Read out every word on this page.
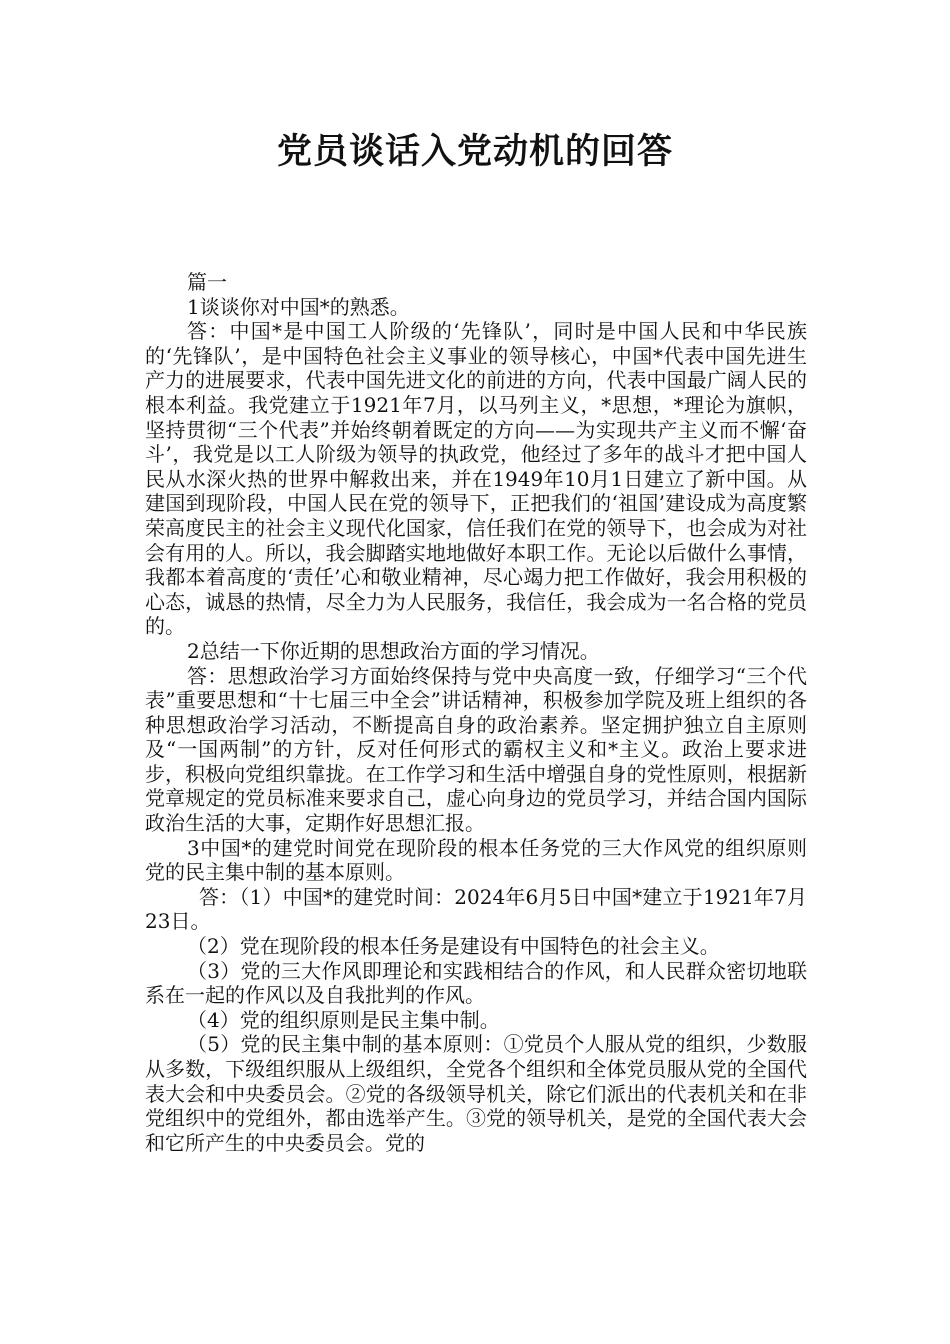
党员谈话入党动机的回答

篇一

1谈谈你对中国*的熟悉。

答：中国*是中国工人阶级的‘先锋队’，同时是中国人民和中华民族的‘先锋队’，是中国特色社会主义事业的领导核心，中国*代表中国先进生产力的进展要求，代表中国先进文化的前进的方向，代表中国最广阔人民的根本利益。我党建立于1921年7月，以马列主义，*思想，*理论为旗帜，坚持贯彻“三个代表”并始终朝着既定的方向——为实现共产主义而不懈‘奋斗’，我党是以工人阶级为领导的执政党，他经过了多年的战斗才把中国人民从水深火热的世界中解救出来，并在1949年10月1日建立了新中国。从建国到现阶段，中国人民在党的领导下，正把我们的‘祖国’建设成为高度繁荣高度民主的社会主义现代化国家，信任我们在党的领导下，也会成为对社会有用的人。所以，我会脚踏实地地做好本职工作。无论以后做什么事情，我都本着高度的‘责任’心和敬业精神，尽心竭力把工作做好，我会用积极的心态，诚恳的热情，尽全力为人民服务，我信任，我会成为一名合格的党员的。

2总结一下你近期的思想政治方面的学习情况。

答：思想政治学习方面始终保持与党中央高度一致，仔细学习“三个代表”重要思想和“十七届三中全会”讲话精神，积极参加学院及班上组织的各种思想政治学习活动，不断提高自身的政治素养。坚定拥护独立自主原则及“一国两制”的方针，反对任何形式的霸权主义和*主义。政治上要求进步，积极向党组织靠拢。在工作学习和生活中增强自身的党性原则，根据新党章规定的党员标准来要求自己，虚心向身边的党员学习，并结合国内国际政治生活的大事，定期作好思想汇报。

3中国*的建党时间党在现阶段的根本任务党的三大作风党的组织原则党的民主集中制的基本原则。

答：（1）中国*的建党时间：2024年6月5日中国*建立于1921年7月23日。

（2）党在现阶段的根本任务是建设有中国特色的社会主义。

（3）党的三大作风即理论和实践相结合的作风，和人民群众密切地联系在一起的作风以及自我批判的作风。

（4）党的组织原则是民主集中制。

（5）党的民主集中制的基本原则：①党员个人服从党的组织，少数服从多数，下级组织服从上级组织，全党各个组织和全体党员服从党的全国代表大会和中央委员会。②党的各级领导机关，除它们派出的代表机关和在非党组织中的党组外，都由选举产生。③党的领导机关，是党的全国代表大会和它所产生的中央委员会。党的
